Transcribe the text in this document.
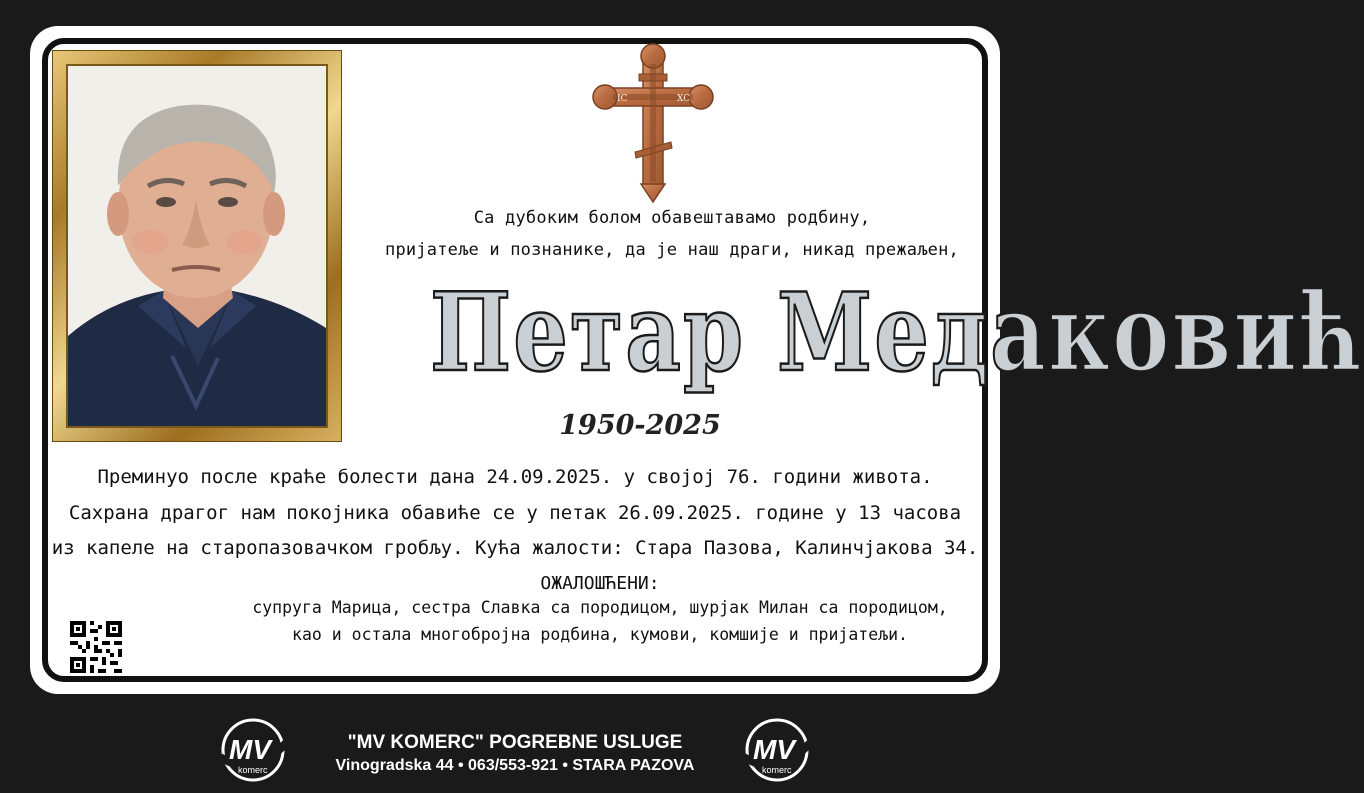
IC	XC
Са дубоким болом обавештавамо родбину,
пријатеље и познанике, да је наш драги, никад прежаљен,
Петар Медаковић
1950-2025
Преминуо после краће болести дана 24.09.2025. у својој 76. години живота.
Сахрана драгог нам покојника обавиће се у петак 26.09.2025. године у 13 часова
из капеле на старопазовачком гробљу. Кућа жалости: Стара Пазова, Калинчјакова 34.
ОЖАЛОШЋЕНИ:
супруга Марица, сестра Славка са породицом, шурјак Милан са породицом,
као и остала многобројна родбина, кумови, комшије и пријатељи.
MV
komerc
MV
komerc
"MV KOMERC" POGREBNE USLUGE
Vinogradska 44 • 063/553-921 • STARA PAZOVA
